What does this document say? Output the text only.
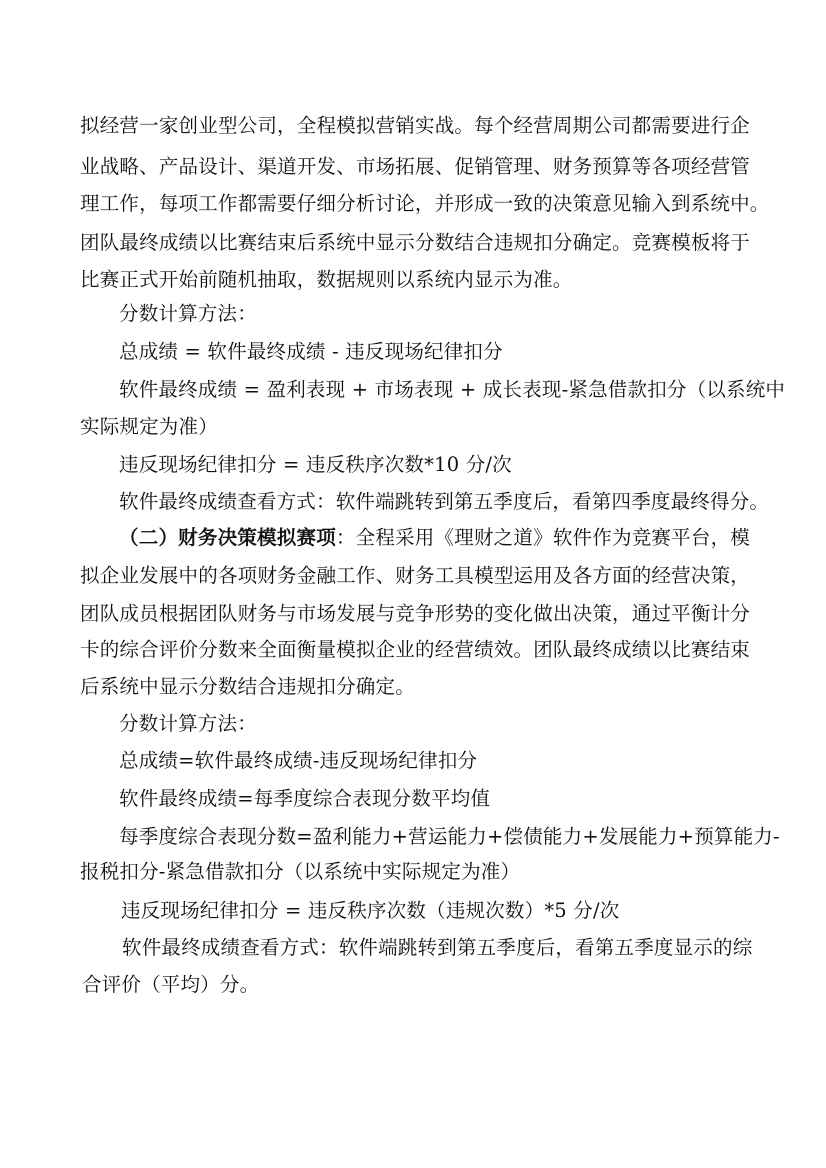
拟经营一家创业型公司，全程模拟营销实战。每个经营周期公司都需要进行企
业战略、产品设计、渠道开发、市场拓展、促销管理、财务预算等各项经营管
理工作，每项工作都需要仔细分析讨论，并形成一致的决策意见输入到系统中。
团队最终成绩以比赛结束后系统中显示分数结合违规扣分确定。竞赛模板将于
比赛正式开始前随机抽取，数据规则以系统内显示为准。
分数计算方法：
总成绩 = 软件最终成绩 - 违反现场纪律扣分
软件最终成绩 = 盈利表现 + 市场表现 + 成长表现-紧急借款扣分（以系统中
实际规定为准）
违反现场纪律扣分 = 违反秩序次数*10 分/次
软件最终成绩查看方式：软件端跳转到第五季度后，看第四季度最终得分。
（二）财务决策模拟赛项：全程采用《理财之道》软件作为竞赛平台，模
拟企业发展中的各项财务金融工作、财务工具模型运用及各方面的经营决策，
团队成员根据团队财务与市场发展与竞争形势的变化做出决策，通过平衡计分
卡的综合评价分数来全面衡量模拟企业的经营绩效。团队最终成绩以比赛结束
后系统中显示分数结合违规扣分确定。
分数计算方法：
总成绩=软件最终成绩-违反现场纪律扣分
软件最终成绩=每季度综合表现分数平均值
每季度综合表现分数=盈利能力+营运能力+偿债能力+发展能力+预算能力-
报税扣分-紧急借款扣分（以系统中实际规定为准）
违反现场纪律扣分 = 违反秩序次数（违规次数）*5 分/次
软件最终成绩查看方式：软件端跳转到第五季度后，看第五季度显示的综
合评价（平均）分。
